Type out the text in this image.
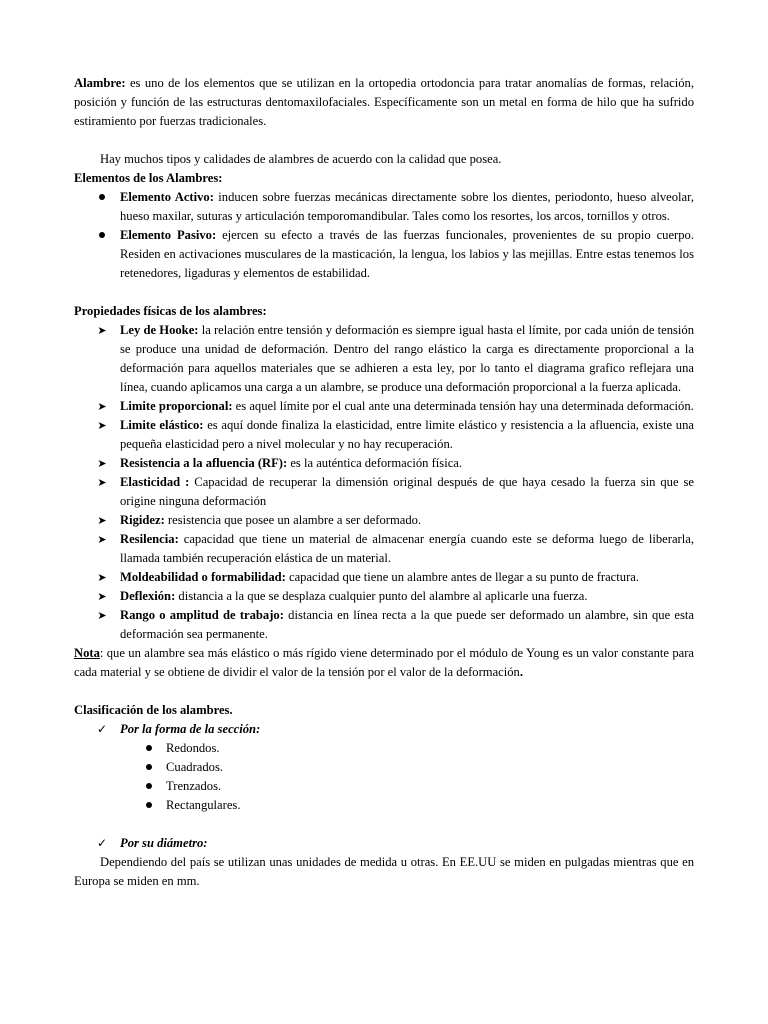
Alambre: es uno de los elementos que se utilizan en la ortopedia ortodoncia para tratar anomalías de formas, relación, posición y función de las estructuras dentomaxilofaciales. Específicamente son un metal en forma de hilo que ha sufrido estiramiento por fuerzas tradicionales.

Hay muchos tipos y calidades de alambres de acuerdo con la calidad que posea.

Elementos de los Alambres:

Elemento Activo: inducen sobre fuerzas mecánicas directamente sobre los dientes, periodonto, hueso alveolar, hueso maxilar, suturas y articulación temporomandibular. Tales como los resortes, los arcos, tornillos y otros.
Elemento Pasivo: ejercen su efecto a través de las fuerzas funcionales, provenientes de su propio cuerpo. Residen en activaciones musculares de la masticación, la lengua, los labios y las mejillas. Entre estas tenemos los retenedores, ligaduras y elementos de estabilidad.

Propiedades físicas de los alambres:

➤ Ley de Hooke: la relación entre tensión y deformación es siempre igual hasta el límite, por cada unión de tensión se produce una unidad de deformación. Dentro del rango elástico la carga es directamente proporcional a la deformación para aquellos materiales que se adhieren a esta ley, por lo tanto el diagrama grafico reflejara una línea, cuando aplicamos una carga a un alambre, se produce una deformación proporcional a la fuerza aplicada.
➤ Limite proporcional: es aquel límite por el cual ante una determinada tensión hay una determinada deformación.
➤ Limite elástico: es aquí donde finaliza la elasticidad, entre limite elástico y resistencia a la afluencia, existe una pequeña elasticidad pero a nivel molecular y no hay recuperación.
➤ Resistencia a la afluencia (RF): es la auténtica deformación física.
➤ Elasticidad : Capacidad de recuperar la dimensión original después de que haya cesado la fuerza sin que se origine ninguna deformación
➤ Rigidez: resistencia que posee un alambre a ser deformado.
➤ Resilencia: capacidad que tiene un material de almacenar energía cuando este se deforma luego de liberarla, llamada también recuperación elástica de un material.
➤ Moldeabilidad o formabilidad: capacidad que tiene un alambre antes de llegar a su punto de fractura.
➤ Deflexión: distancia a la que se desplaza cualquier punto del alambre al aplicarle una fuerza.
➤ Rango o amplitud de trabajo: distancia en línea recta a la que puede ser deformado un alambre, sin que esta deformación sea permanente.

Nota: que un alambre sea más elástico o más rígido viene determinado por el módulo de Young es un valor constante para cada material y se obtiene de dividir el valor de la tensión por el valor de la deformación.

Clasificación de los alambres.

✓ Por la forma de la sección:
Redondos.
Cuadrados.
Trenzados.
Rectangulares.
✓ Por su diámetro:

Dependiendo del país se utilizan unas unidades de medida u otras. En EE.UU se miden en pulgadas mientras que en Europa se miden en mm.
